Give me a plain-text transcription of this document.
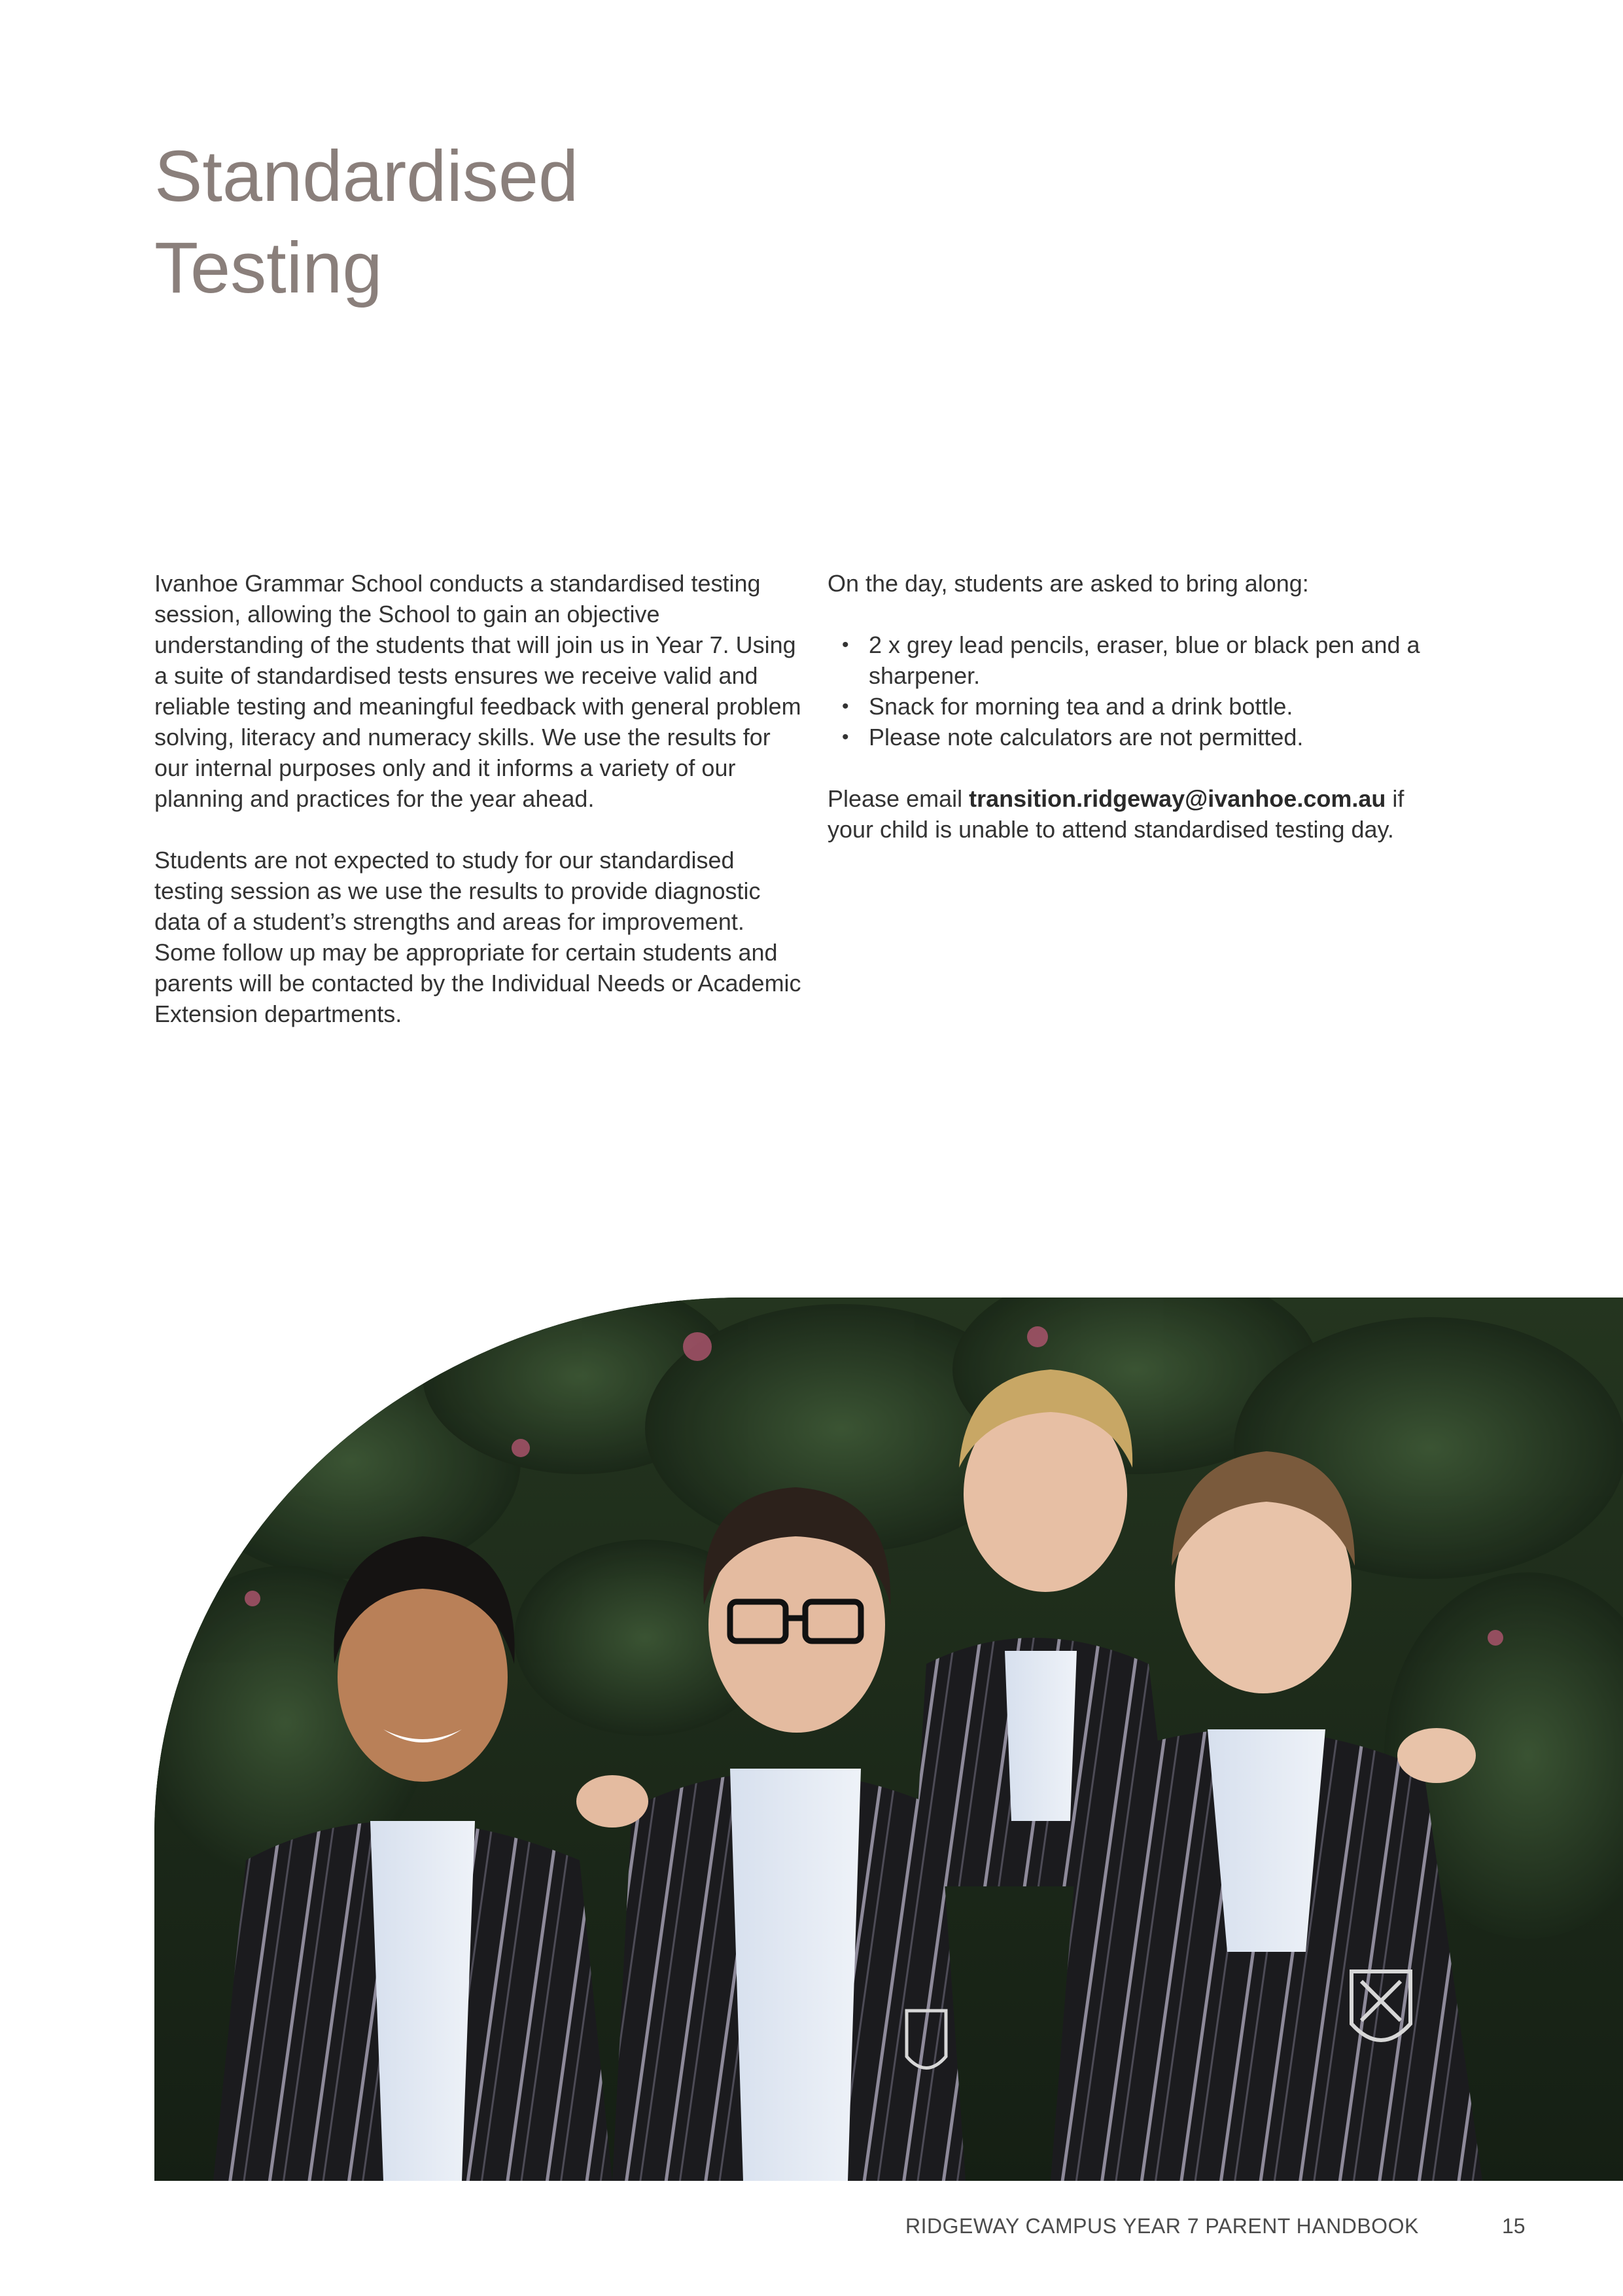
Standardised
Testing

Ivanhoe Grammar School conducts a standardised testing session, allowing the School to gain an objective understanding of the students that will join us in Year 7. Using a suite of standardised tests ensures we receive valid and reliable testing and meaningful feedback with general problem solving, literacy and numeracy skills. We use the results for our internal purposes only and it informs a variety of our planning and practices for the year ahead.

Students are not expected to study for our standardised testing session as we use the results to provide diagnostic data of a student’s strengths and areas for improvement. Some follow up may be appropriate for certain students and parents will be contacted by the Individual Needs or Academic Extension departments.

On the day, students are asked to bring along:

• 2 x grey lead pencils, eraser, blue or black pen and a sharpener.
• Snack for morning tea and a drink bottle.
• Please note calculators are not permitted.

Please email transition.ridgeway@ivanhoe.com.au if your child is unable to attend standardised testing day.

RIDGEWAY CAMPUS YEAR 7 PARENT HANDBOOK	15
